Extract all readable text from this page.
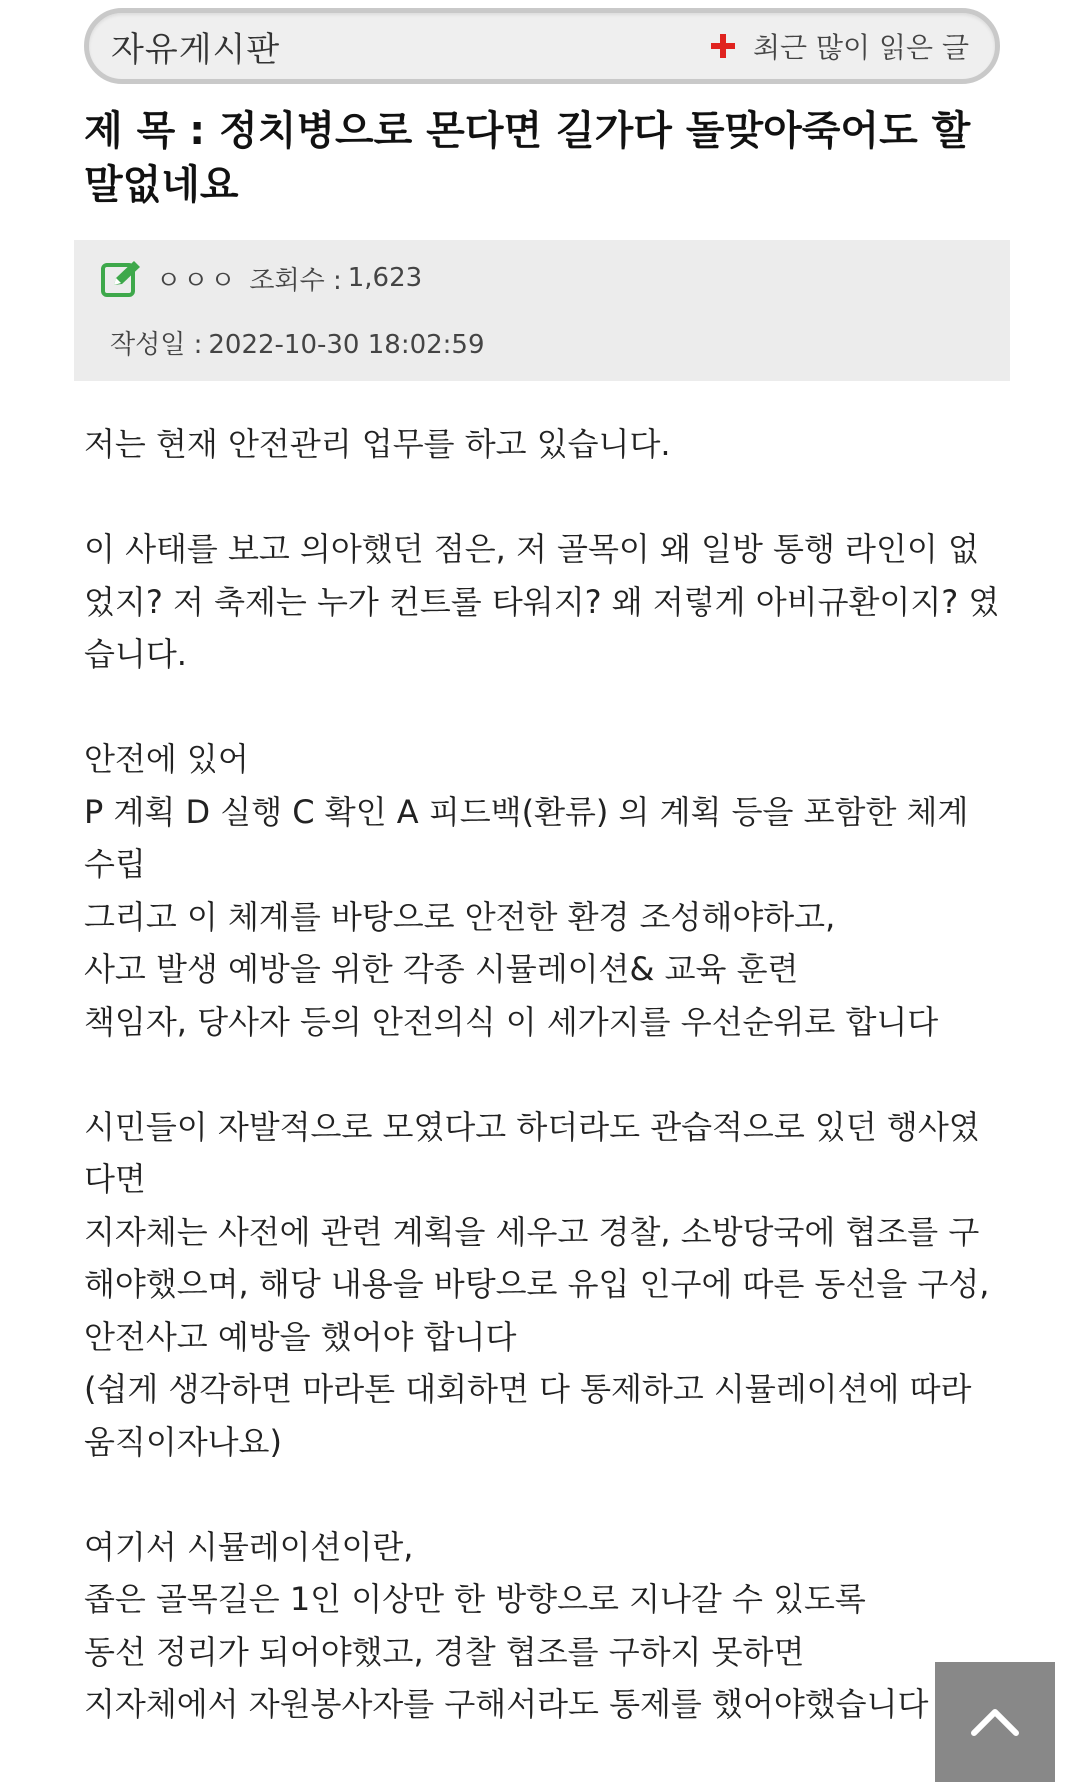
자유게시판	최근 많이 읽은 글
제 목 : 정치병으로 몬다면 길가다 돌맞아죽어도 할말없네요
ㅇㅇㅇ 조회수 : 1,623
작성일 : 2022-10-30 18:02:59

저는 현재 안전관리 업무를 하고 있습니다.

이 사태를 보고 의아했던 점은, 저 골목이 왜 일방 통행 라인이 없었지? 저 축제는 누가 컨트롤 타워지? 왜 저렇게 아비규환이지? 였습니다.

안전에 있어
P 계획 D 실행 C 확인 A 피드백(환류) 의 계획 등을 포함한 체계 수립
그리고 이 체계를 바탕으로 안전한 환경 조성해야하고,
사고 발생 예방을 위한 각종 시뮬레이션& 교육 훈련
책임자, 당사자 등의 안전의식 이 세가지를 우선순위로 합니다

시민들이 자발적으로 모였다고 하더라도 관습적으로 있던 행사였다면
지자체는 사전에 관련 계획을 세우고 경찰, 소방당국에 협조를 구해야했으며, 해당 내용을 바탕으로 유입 인구에 따른 동선을 구성, 안전사고 예방을 했어야 합니다
(쉽게 생각하면 마라톤 대회하면 다 통제하고 시뮬레이션에 따라 움직이자나요)

여기서 시뮬레이션이란,
좁은 골목길은 1인 이상만 한 방향으로 지나갈 수 있도록
동선 정리가 되어야했고, 경찰 협조를 구하지 못하면
지자체에서 자원봉사자를 구해서라도 통제를 했어야했습니다
